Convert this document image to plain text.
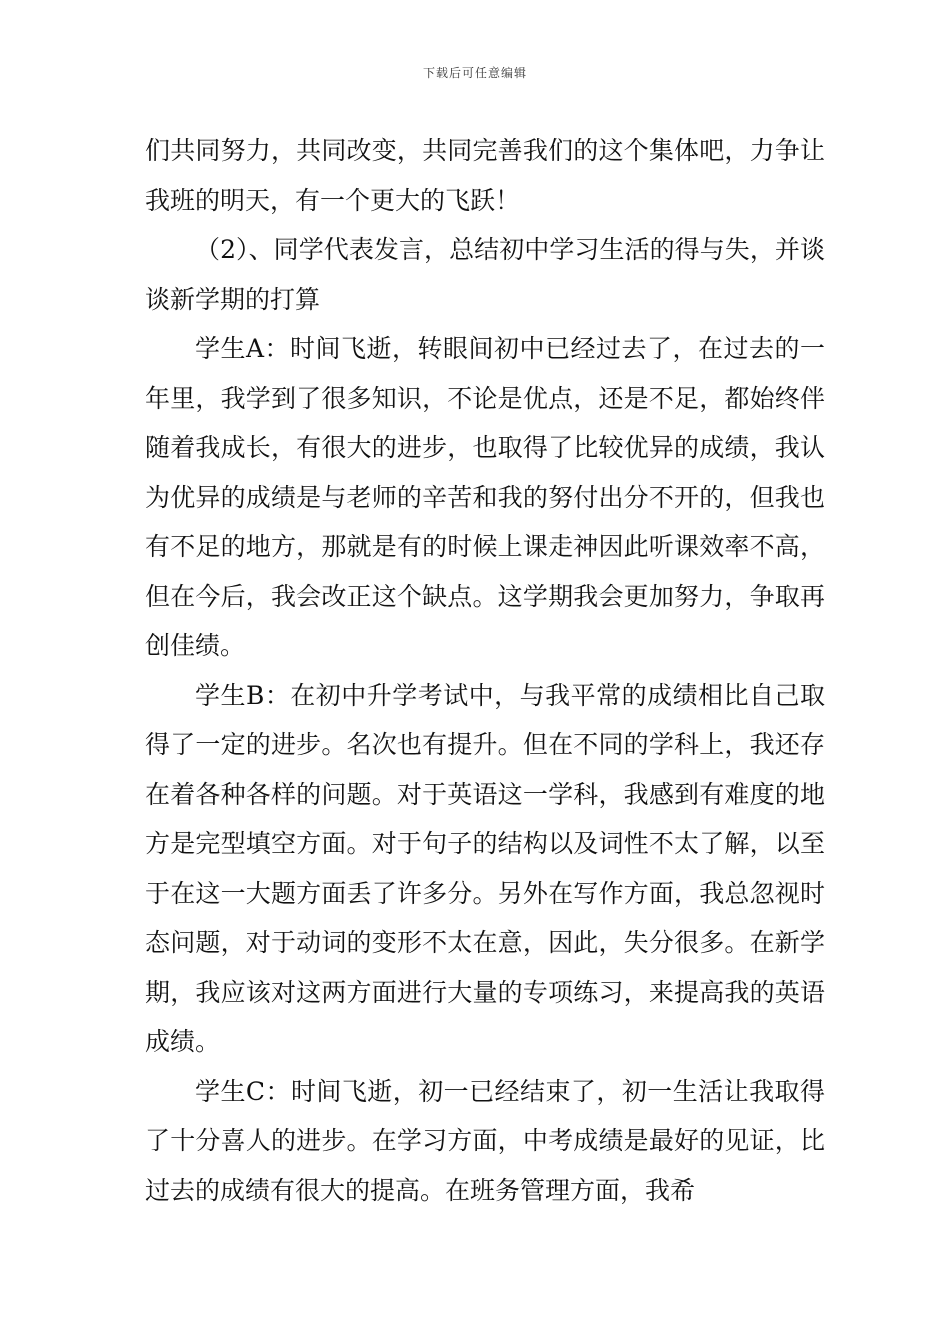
下载后可任意编辑

们共同努力，共同改变，共同完善我们的这个集体吧，力争让我班的明天，有一个更大的飞跃！

（2）、同学代表发言，总结初中学习生活的得与失，并谈谈新学期的打算

学生A：时间飞逝，转眼间初中已经过去了，在过去的一年里，我学到了很多知识，不论是优点，还是不足，都始终伴随着我成长，有很大的进步，也取得了比较优异的成绩，我认为优异的成绩是与老师的辛苦和我的努付出分不开的，但我也有不足的地方，那就是有的时候上课走神因此听课效率不高，但在今后，我会改正这个缺点。这学期我会更加努力，争取再创佳绩。

学生B：在初中升学考试中，与我平常的成绩相比自己取得了一定的进步。名次也有提升。但在不同的学科上，我还存在着各种各样的问题。对于英语这一学科，我感到有难度的地方是完型填空方面。对于句子的结构以及词性不太了解，以至于在这一大题方面丢了许多分。另外在写作方面，我总忽视时态问题，对于动词的变形不太在意，因此，失分很多。在新学期，我应该对这两方面进行大量的专项练习，来提高我的英语成绩。

学生C：时间飞逝，初一已经结束了，初一生活让我取得了十分喜人的进步。在学习方面，中考成绩是最好的见证，比过去的成绩有很大的提高。在班务管理方面，我希
